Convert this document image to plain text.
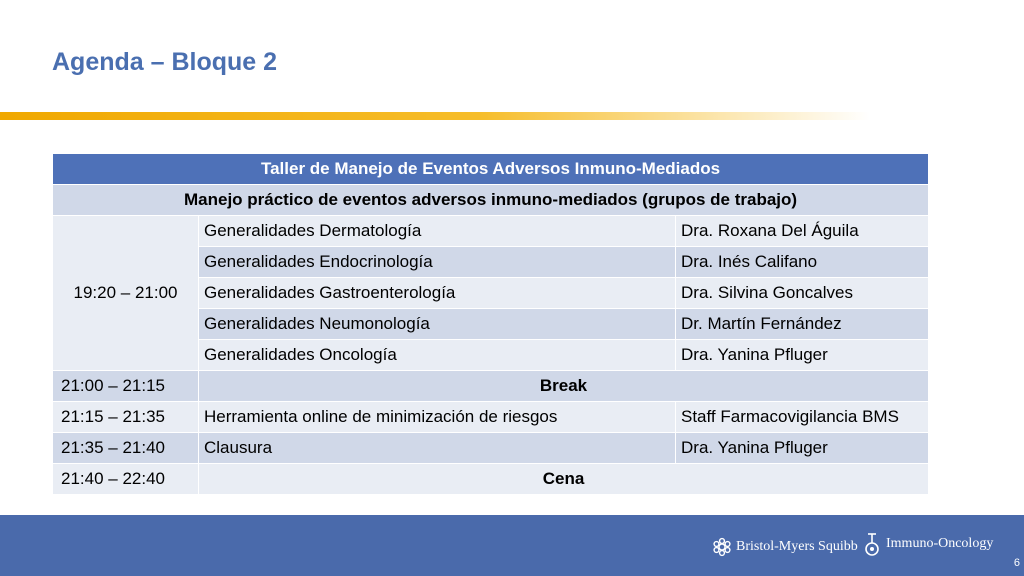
Agenda – Bloque 2
Taller de Manejo de Eventos Adversos Inmuno-Mediados		
Manejo práctico de eventos adversos inmuno-mediados (grupos de trabajo)		
19:20 – 21:00	Generalidades Dermatología	Dra. Roxana Del Águila
	Generalidades Endocrinología	Dra. Inés Califano
	Generalidades Gastroenterología	Dra. Silvina Goncalves
	Generalidades Neumonología	Dr. Martín Fernández
	Generalidades Oncología	Dra. Yanina Pfluger
21:00 – 21:15	Break	
21:15 – 21:35	Herramienta online de minimización de riesgos	Staff Farmacovigilancia BMS
21:35 – 21:40	Clausura	Dra. Yanina Pfluger
21:40 – 22:40	Cena	
Bristol-Myers Squibb Immuno-Oncology
6
